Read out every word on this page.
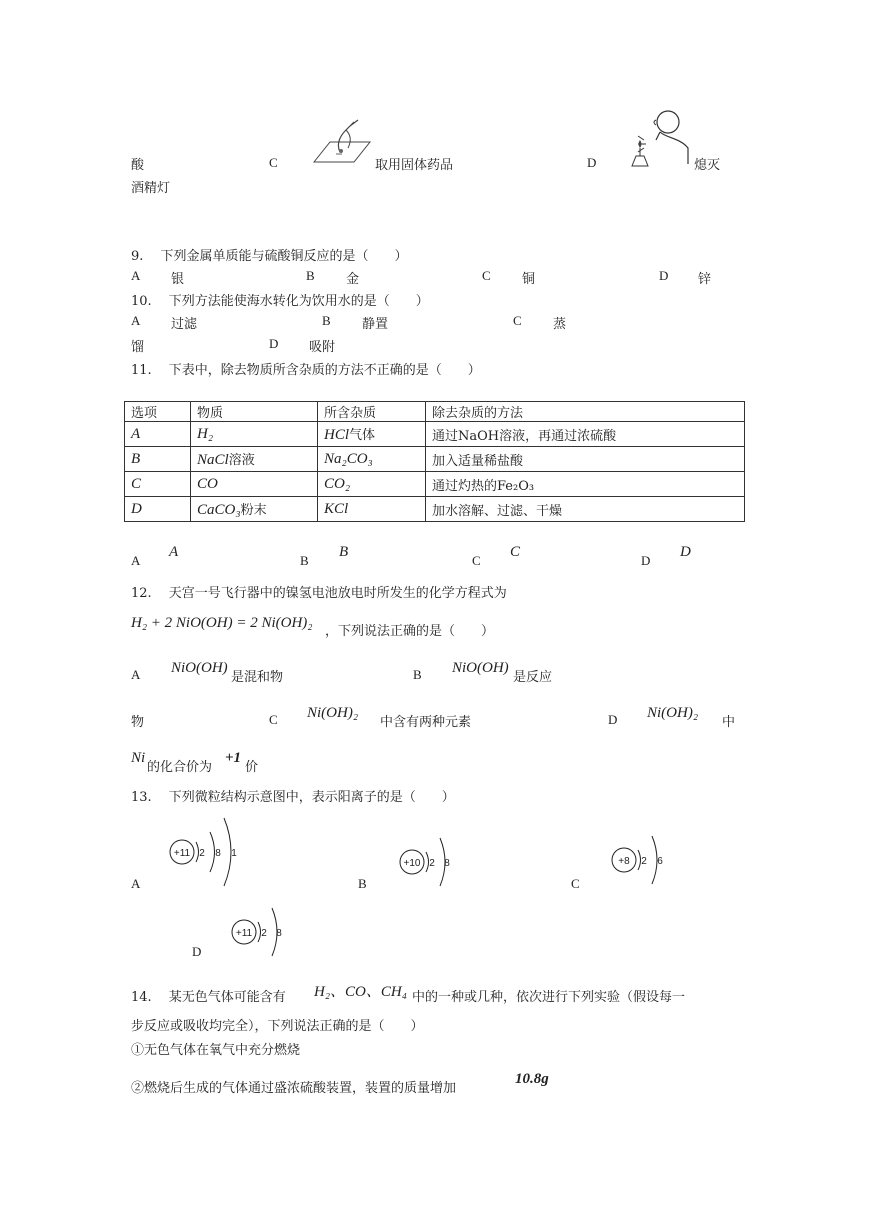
酸	C	取用固体药品	D	熄灭
酒精灯
9.　 下列金属单质能与硫酸铜反应的是（　　）
A 银	B 金	C 铜	D 锌
10.　 下列方法能使海水转化为饮用水的是（　　）
A 过滤	B 静置	C 蒸
馏	D 吸附
11.　 下表中，除去物质所含杂质的方法不正确的是（　　）
选项	物质	所含杂质	除去杂质的方法
A	H₂	HCl气体	通过NaOH溶液，再通过浓硫酸
B	NaCl溶液	Na₂CO₃	加入适量稀盐酸
C	CO	CO₂	通过灼热的Fe₂O₃
D	CaCO₃粉末	KCl	加水溶解、过滤、干燥
A
A
B
B
C
C
D
D
12.　 天宫一号飞行器中的镍氢电池放电时所发生的化学方程式为
H₂ + 2 NiO(OH) = 2 Ni(OH)₂
，下列说法正确的是（　　）
A NiO(OH)
是混和物	B NiO(OH)
是反应
物	C Ni(OH)₂
中含有两种元素	D Ni(OH)₂
中
Ni
的化合价为
+1
价
13.　 下列微粒结构示意图中，表示阳离子的是（　　）
+11 2 8 1
A
+10 2 8
B
+8 2 6
C
+11 2 8
D
14.　 某无色气体可能含有 H₂、CO、CH₄ 中的一种或几种，依次进行下列实验（假设每一
步反应或吸收均完全），下列说法正确的是（　　）
①无色气体在氧气中充分燃烧
②燃烧后生成的气体通过盛浓硫酸装置，装置的质量增加
10.8g
